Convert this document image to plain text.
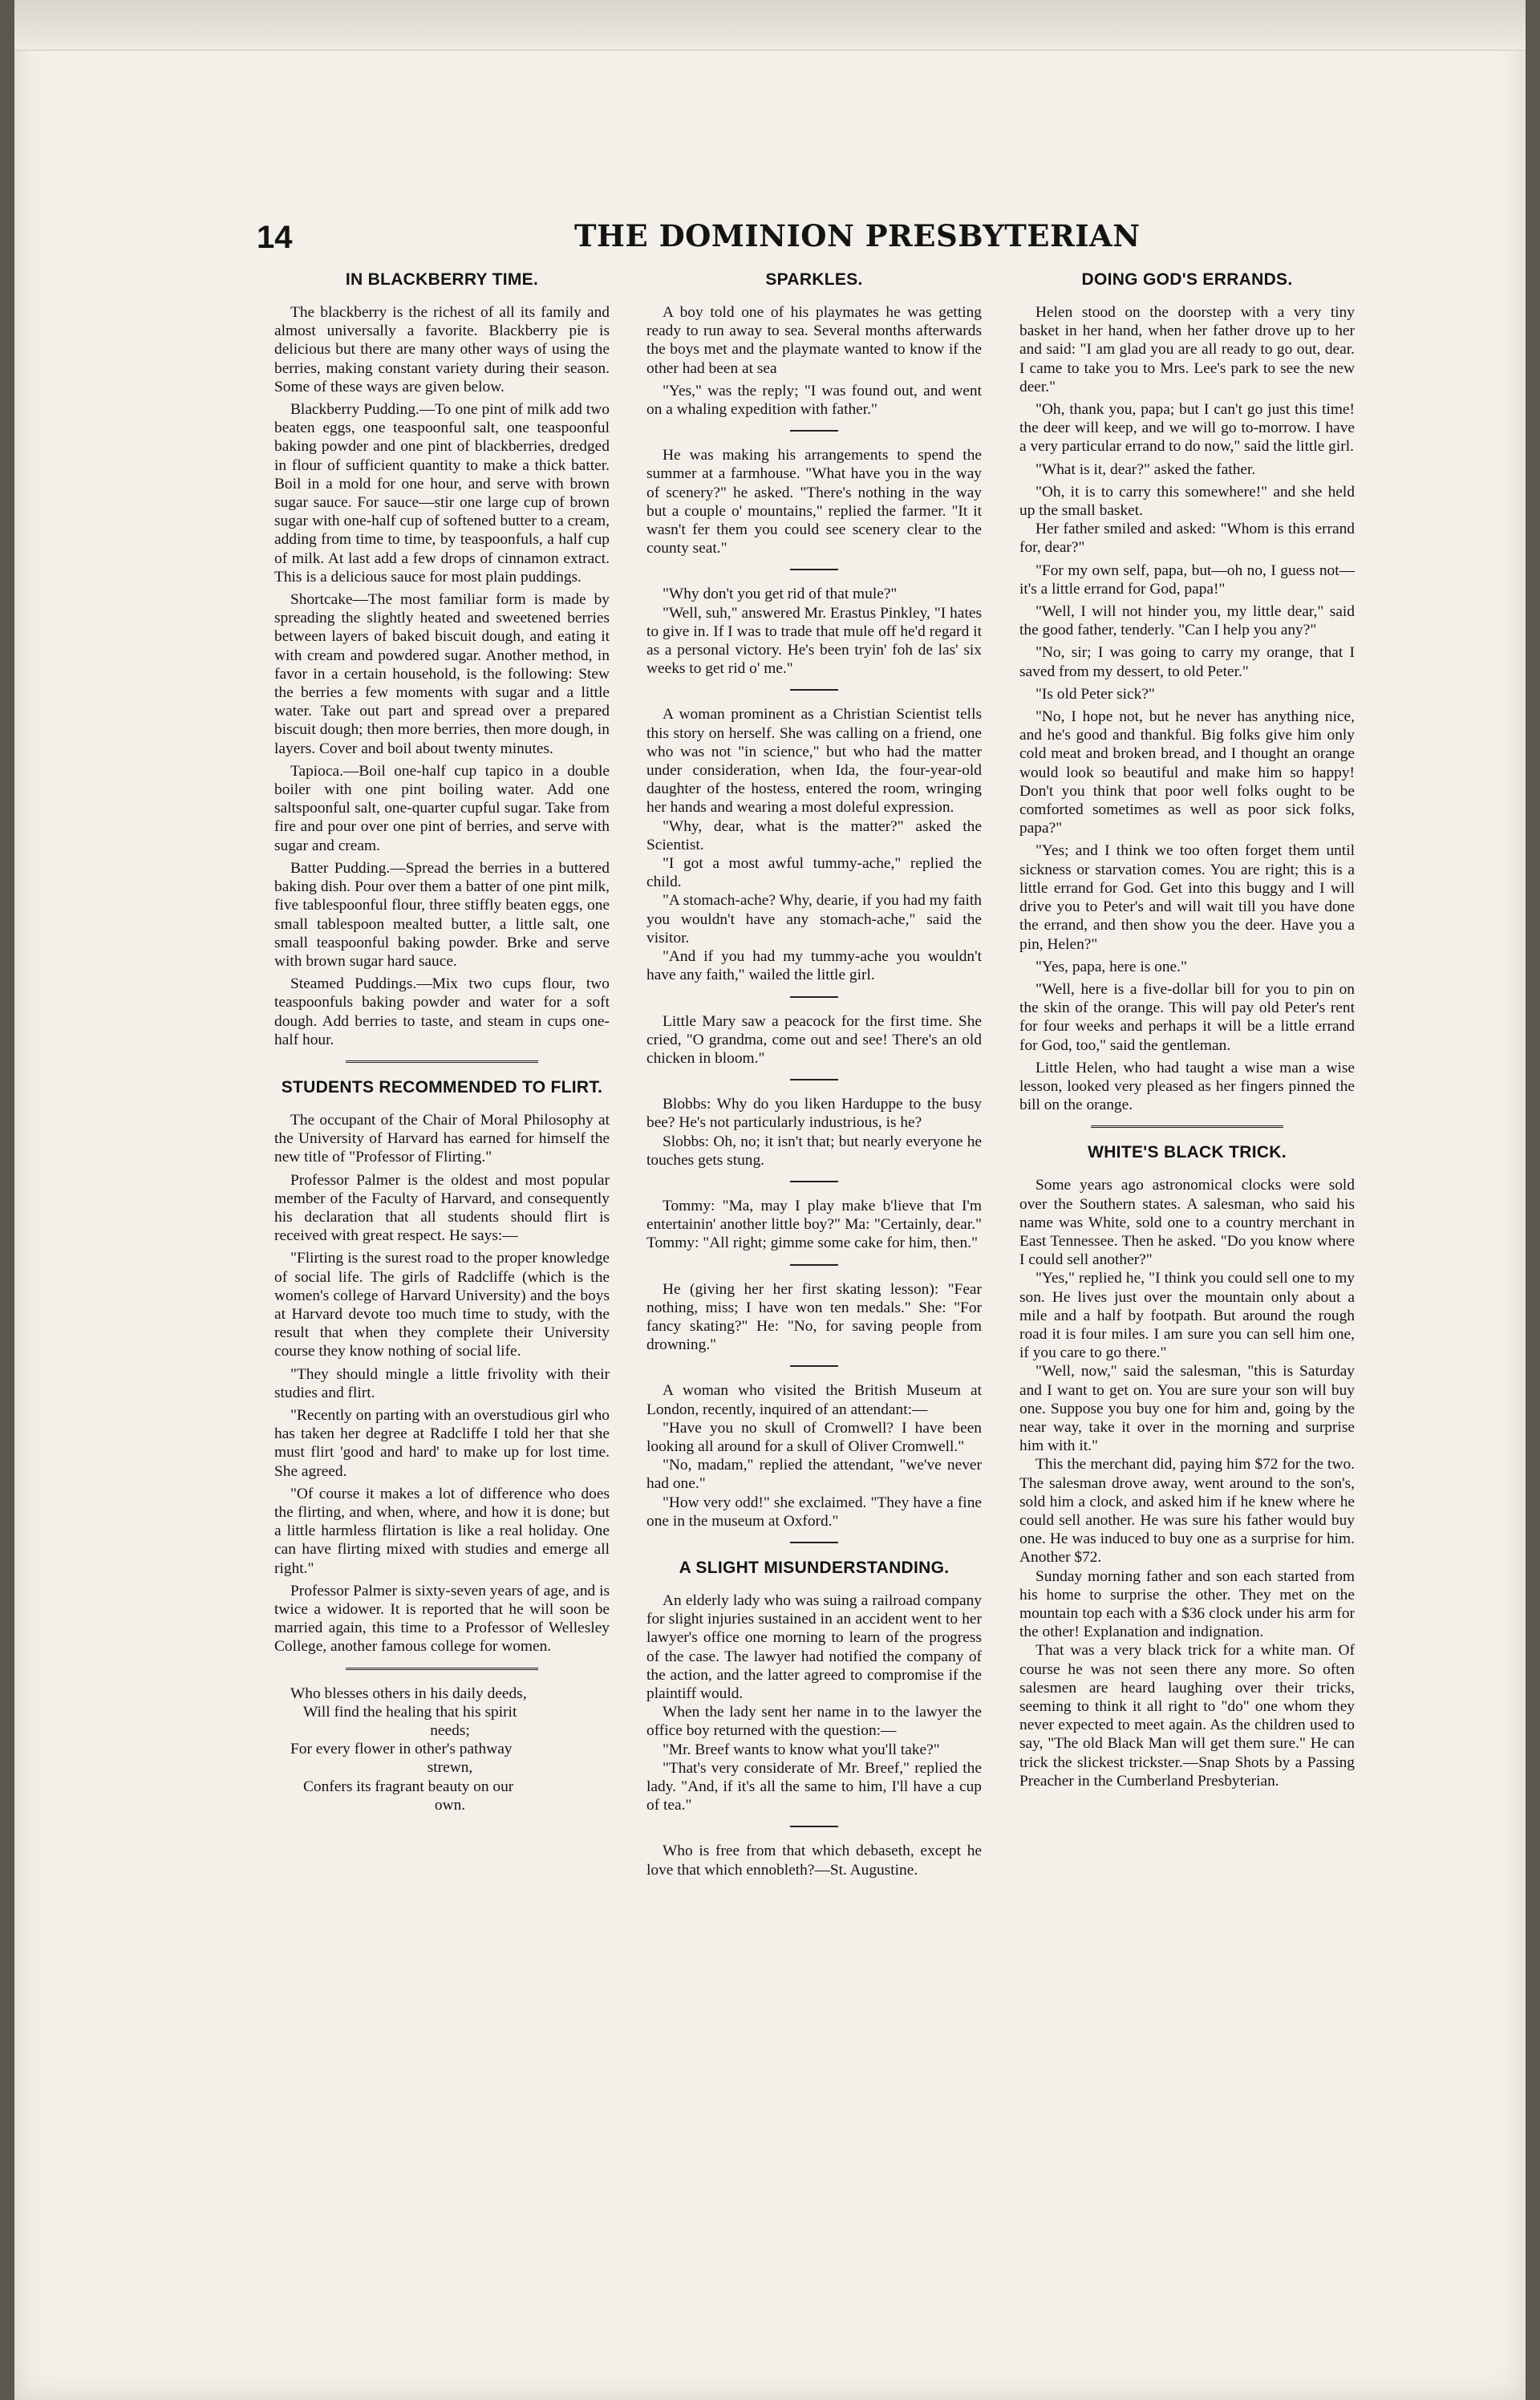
14	THE DOMINION PRESBYTERIAN
IN BLACKBERRY TIME.

The blackberry is the richest of all its family and almost universally a favorite. Blackberry pie is delicious but there are many other ways of using the berries, making constant variety during their season. Some of these ways are given below.

Blackberry Pudding.—To one pint of milk add two beaten eggs, one teaspoonful salt, one teaspoonful baking powder and one pint of blackberries, dredged in flour of sufficient quantity to make a thick batter. Boil in a mold for one hour, and serve with brown sugar sauce. For sauce—stir one large cup of brown sugar with one-half cup of softened butter to a cream, adding from time to time, by teaspoonfuls, a half cup of milk. At last add a few drops of cinnamon extract. This is a delicious sauce for most plain puddings.

Shortcake—The most familiar form is made by spreading the slightly heated and sweetened berries between layers of baked biscuit dough, and eating it with cream and powdered sugar. Another method, in favor in a certain household, is the following: Stew the berries a few moments with sugar and a little water. Take out part and spread over a prepared biscuit dough; then more berries, then more dough, in layers. Cover and boil about twenty minutes.

Tapioca.—Boil one-half cup tapico in a double boiler with one pint boiling water. Add one saltspoonful salt, one-quarter cupful sugar. Take from fire and pour over one pint of berries, and serve with sugar and cream.

Batter Pudding.—Spread the berries in a buttered baking dish. Pour over them a batter of one pint milk, five tablespoonful flour, three stiffly beaten eggs, one small tablespoon mealted butter, a little salt, one small teaspoonful baking powder. Brke and serve with brown sugar hard sauce.

Steamed Puddings.—Mix two cups flour, two teaspoonfuls baking powder and water for a soft dough. Add berries to taste, and steam in cups one-half hour.

STUDENTS RECOMMENDED TO FLIRT.

The occupant of the Chair of Moral Philosophy at the University of Harvard has earned for himself the new title of "Professor of Flirting."

Professor Palmer is the oldest and most popular member of the Faculty of Harvard, and consequently his declaration that all students should flirt is received with great respect. He says:—

"Flirting is the surest road to the proper knowledge of social life. The girls of Radcliffe (which is the women's college of Harvard University) and the boys at Harvard devote too much time to study, with the result that when they complete their University course they know nothing of social life.

"They should mingle a little frivolity with their studies and flirt.

"Recently on parting with an overstudious girl who has taken her degree at Radcliffe I told her that she must flirt 'good and hard' to make up for lost time. She agreed.

"Of course it makes a lot of difference who does the flirting, and when, where, and how it is done; but a little harmless flirtation is like a real holiday. One can have flirting mixed with studies and emerge all right."

Professor Palmer is sixty-seven years of age, and is twice a widower. It is reported that he will soon be married again, this time to a Professor of Wellesley College, another famous college for women.

Who blesses others in his daily deeds,

Will find the healing that his spirit

needs;

For every flower in other's pathway

strewn,

Confers its fragrant beauty on our

own.

SPARKLES.

A boy told one of his playmates he was getting ready to run away to sea. Several months afterwards the boys met and the playmate wanted to know if the other had been at sea

"Yes," was the reply; "I was found out, and went on a whaling expedition with father."

He was making his arrangements to spend the summer at a farmhouse. "What have you in the way of scenery?" he asked. "There's nothing in the way but a couple o' mountains," replied the farmer. "It it wasn't fer them you could see scenery clear to the county seat."

"Why don't you get rid of that mule?"

"Well, suh," answered Mr. Erastus Pinkley, "I hates to give in. If I was to trade that mule off he'd regard it as a personal victory. He's been tryin' foh de las' six weeks to get rid o' me."

A woman prominent as a Christian Scientist tells this story on herself. She was calling on a friend, one who was not "in science," but who had the matter under consideration, when Ida, the four-year-old daughter of the hostess, entered the room, wringing her hands and wearing a most doleful expression.

"Why, dear, what is the matter?" asked the Scientist.

"I got a most awful tummy-ache," replied the child.

"A stomach-ache? Why, dearie, if you had my faith you wouldn't have any stomach-ache," said the visitor.

"And if you had my tummy-ache you wouldn't have any faith," wailed the little girl.

Little Mary saw a peacock for the first time. She cried, "O grandma, come out and see! There's an old chicken in bloom."

Blobbs: Why do you liken Harduppe to the busy bee? He's not particularly industrious, is he?

Slobbs: Oh, no; it isn't that; but nearly everyone he touches gets stung.

Tommy: "Ma, may I play make b'lieve that I'm entertainin' another little boy?" Ma: "Certainly, dear." Tommy: "All right; gimme some cake for him, then."

He (giving her her first skating lesson): "Fear nothing, miss; I have won ten medals." She: "For fancy skating?" He: "No, for saving people from drowning."

A woman who visited the British Museum at London, recently, inquired of an attendant:—

"Have you no skull of Cromwell? I have been looking all around for a skull of Oliver Cromwell."

"No, madam," replied the attendant, "we've never had one."

"How very odd!" she exclaimed. "They have a fine one in the museum at Oxford."

A SLIGHT MISUNDERSTANDING.

An elderly lady who was suing a railroad company for slight injuries sustained in an accident went to her lawyer's office one morning to learn of the progress of the case. The lawyer had notified the company of the action, and the latter agreed to compromise if the plaintiff would.

When the lady sent her name in to the lawyer the office boy returned with the question:—

"Mr. Breef wants to know what you'll take?"

"That's very considerate of Mr. Breef," replied the lady. "And, if it's all the same to him, I'll have a cup of tea."

Who is free from that which debaseth, except he love that which ennobleth?—St. Augustine.

DOING GOD'S ERRANDS.

Helen stood on the doorstep with a very tiny basket in her hand, when her father drove up to her and said: "I am glad you are all ready to go out, dear. I came to take you to Mrs. Lee's park to see the new deer."

"Oh, thank you, papa; but I can't go just this time! the deer will keep, and we will go to-morrow. I have a very particular errand to do now," said the little girl.

"What is it, dear?" asked the father.

"Oh, it is to carry this somewhere!" and she held up the small basket.

Her father smiled and asked: "Whom is this errand for, dear?"

"For my own self, papa, but—oh no, I guess not—it's a little errand for God, papa!"

"Well, I will not hinder you, my little dear," said the good father, tenderly. "Can I help you any?"

"No, sir; I was going to carry my orange, that I saved from my dessert, to old Peter."

"Is old Peter sick?"

"No, I hope not, but he never has anything nice, and he's good and thankful. Big folks give him only cold meat and broken bread, and I thought an orange would look so beautiful and make him so happy! Don't you think that poor well folks ought to be comforted sometimes as well as poor sick folks, papa?"

"Yes; and I think we too often forget them until sickness or starvation comes. You are right; this is a little errand for God. Get into this buggy and I will drive you to Peter's and will wait till you have done the errand, and then show you the deer. Have you a pin, Helen?"

"Yes, papa, here is one."

"Well, here is a five-dollar bill for you to pin on the skin of the orange. This will pay old Peter's rent for four weeks and perhaps it will be a little errand for God, too," said the gentleman.

Little Helen, who had taught a wise man a wise lesson, looked very pleased as her fingers pinned the bill on the orange.

WHITE'S BLACK TRICK.

Some years ago astronomical clocks were sold over the Southern states. A salesman, who said his name was White, sold one to a country merchant in East Tennessee. Then he asked. "Do you know where I could sell another?"

"Yes," replied he, "I think you could sell one to my son. He lives just over the mountain only about a mile and a half by footpath. But around the rough road it is four miles. I am sure you can sell him one, if you care to go there."

"Well, now," said the salesman, "this is Saturday and I want to get on. You are sure your son will buy one. Suppose you buy one for him and, going by the near way, take it over in the morning and surprise him with it."

This the merchant did, paying him $72 for the two. The salesman drove away, went around to the son's, sold him a clock, and asked him if he knew where he could sell another. He was sure his father would buy one. He was induced to buy one as a surprise for him. Another $72.

Sunday morning father and son each started from his home to surprise the other. They met on the mountain top each with a $36 clock under his arm for the other! Explanation and indignation.

That was a very black trick for a white man. Of course he was not seen there any more. So often salesmen are heard laughing over their tricks, seeming to think it all right to "do" one whom they never expected to meet again. As the children used to say, "The old Black Man will get them sure." He can trick the slickest trickster.—Snap Shots by a Passing Preacher in the Cumberland Presbyterian.
